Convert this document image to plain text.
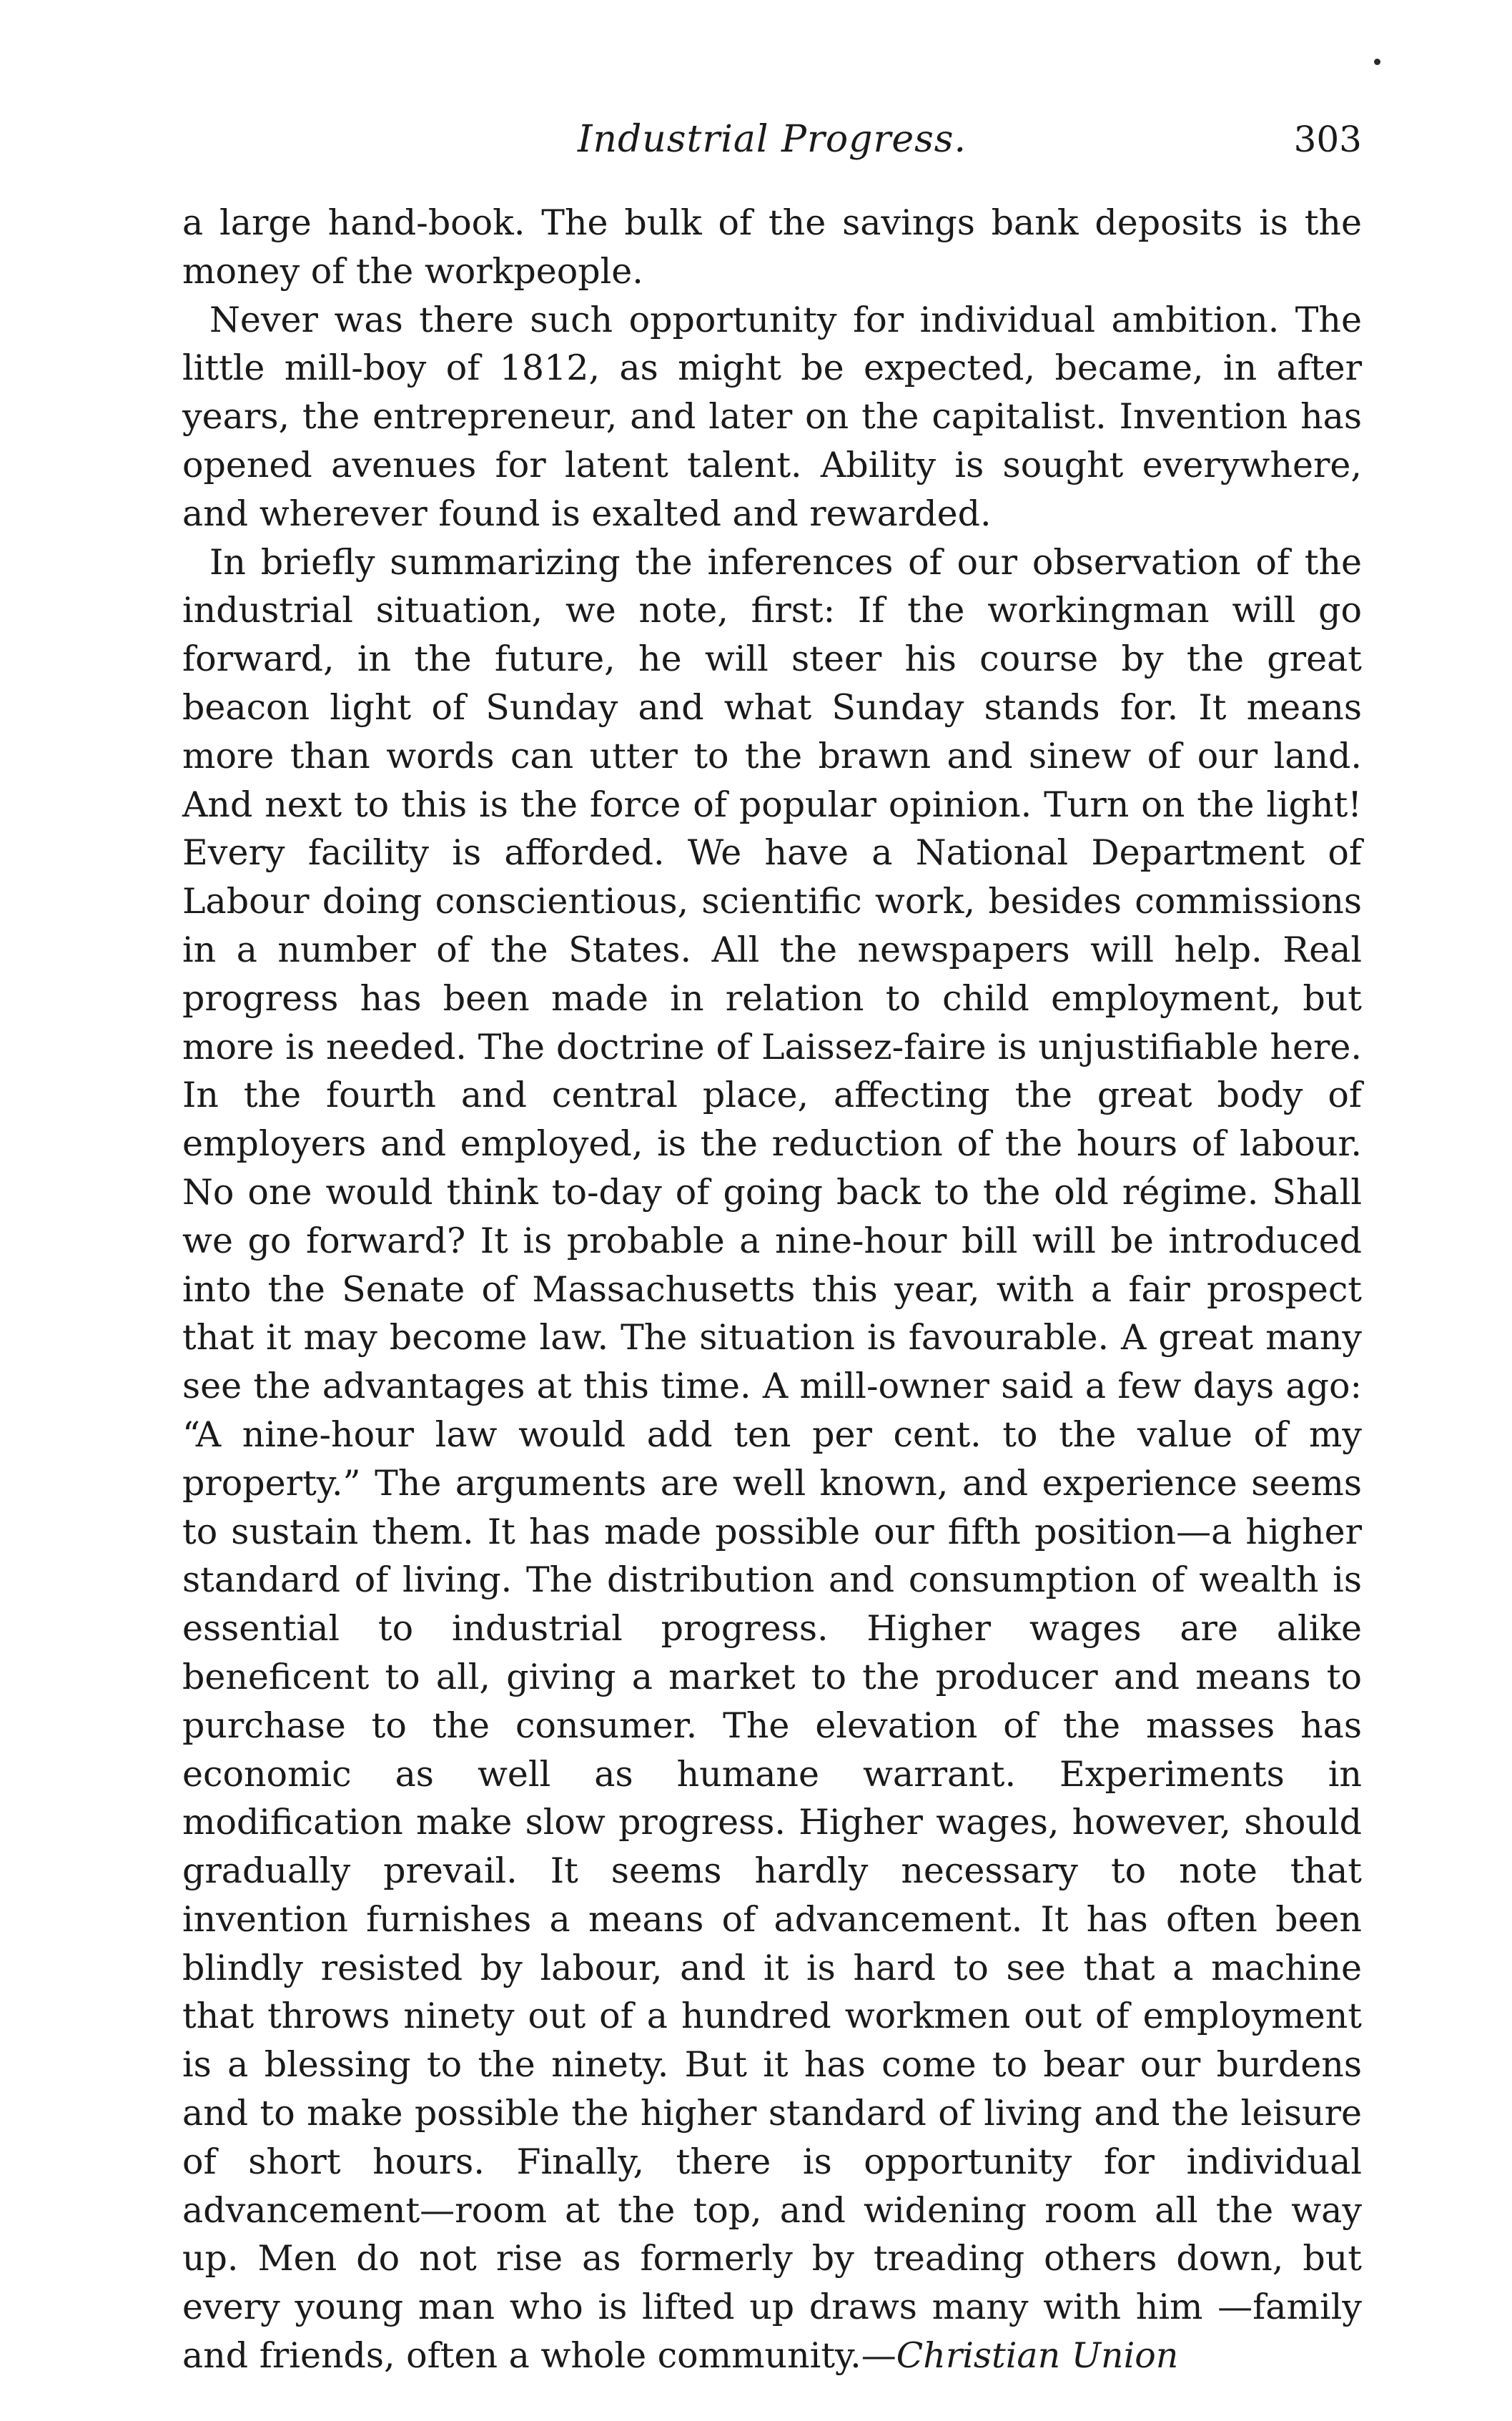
Industrial Progress.	303

a large hand-book. The bulk of the savings bank deposits is the money of the workpeople.

Never was there such opportunity for individual ambition. The little mill-boy of 1812, as might be expected, became, in after years, the entrepreneur, and later on the capitalist. Invention has opened avenues for latent talent. Ability is sought everywhere, and wherever found is exalted and rewarded.

In briefly summarizing the inferences of our observation of the industrial situation, we note, first: If the workingman will go forward, in the future, he will steer his course by the great beacon light of Sunday and what Sunday stands for. It means more than words can utter to the brawn and sinew of our land. And next to this is the force of popular opinion. Turn on the light! Every facility is afforded. We have a National Department of Labour doing conscientious, scientific work, besides commissions in a number of the States. All the newspapers will help. Real progress has been made in relation to child employment, but more is needed. The doctrine of Laissez-faire is unjustifiable here. In the fourth and central place, affecting the great body of employers and employed, is the reduction of the hours of labour. No one would think to-day of going back to the old régime. Shall we go forward? It is probable a nine-hour bill will be introduced into the Senate of Massachusetts this year, with a fair prospect that it may become law. The situation is favourable. A great many see the advantages at this time. A mill-owner said a few days ago: “A nine-hour law would add ten per cent. to the value of my property.” The arguments are well known, and experience seems to sustain them. It has made possible our fifth position—a higher standard of living. The distribution and consumption of wealth is essential to industrial progress. Higher wages are alike beneficent to all, giving a market to the producer and means to purchase to the consumer. The elevation of the masses has economic as well as humane warrant. Experiments in modification make slow progress. Higher wages, however, should gradually prevail. It seems hardly necessary to note that invention furnishes a means of advancement. It has often been blindly resisted by labour, and it is hard to see that a machine that throws ninety out of a hundred workmen out of employment is a blessing to the ninety. But it has come to bear our burdens and to make possible the higher standard of living and the leisure of short hours. Finally, there is opportunity for individual advancement—room at the top, and widening room all the way up. Men do not rise as formerly by treading others down, but every young man who is lifted up draws many with him —family and friends, often a whole community.—Christian Union
